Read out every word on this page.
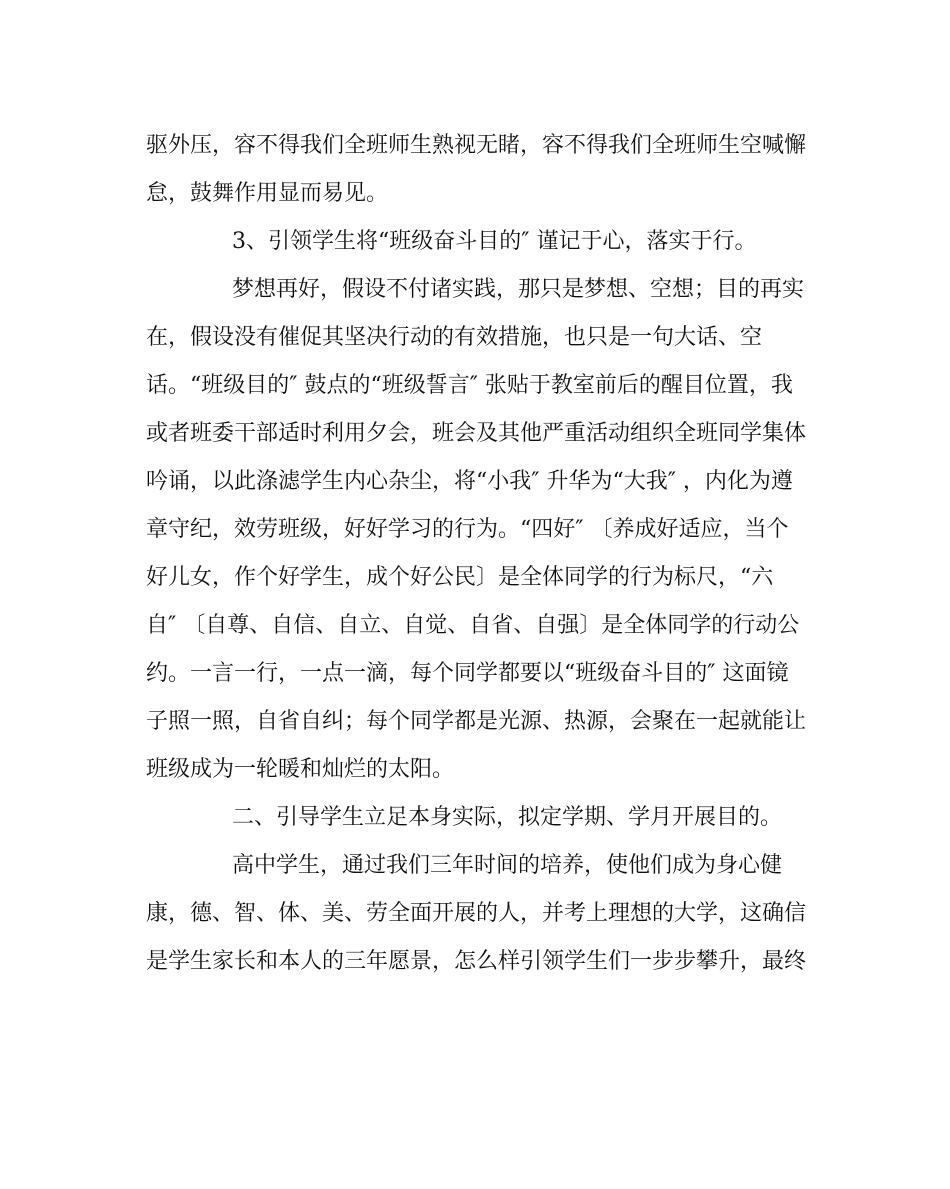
驱外压，容不得我们全班师生熟视无睹，容不得我们全班师生空喊懈
怠，鼓舞作用显而易见。
3、引领学生将“班级奋斗目的″ 谨记于心，落实于行。
梦想再好，假设不付诸实践，那只是梦想、空想；目的再实
在，假设没有催促其坚决行动的有效措施，也只是一句大话、空
话。“班级目的″ 鼓点的“班级誓言″ 张贴于教室前后的醒目位置，我
或者班委干部适时利用夕会，班会及其他严重活动组织全班同学集体
吟诵，以此涤滤学生内心杂尘，将“小我″ 升华为“大我″ ，内化为遵
章守纪，效劳班级，好好学习的行为。“四好″ 〔养成好适应，当个
好儿女，作个好学生，成个好公民〕是全体同学的行为标尺，“六
自″ 〔自尊、自信、自立、自觉、自省、自强〕是全体同学的行动公
约。一言一行，一点一滴，每个同学都要以“班级奋斗目的″ 这面镜
子照一照，自省自纠；每个同学都是光源、热源，会聚在一起就能让
班级成为一轮暖和灿烂的太阳。
二、引导学生立足本身实际，拟定学期、学月开展目的。
高中学生，通过我们三年时间的培养，使他们成为身心健
康，德、智、体、美、劳全面开展的人，并考上理想的大学，这确信
是学生家长和本人的三年愿景，怎么样引领学生们一步步攀升，最终
